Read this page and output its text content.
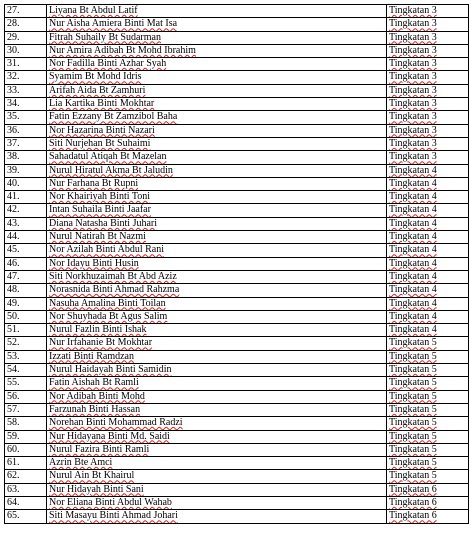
27.	Liyana Bt Abdul Latif	Tingkatan 3
28.	Nur Aisha Amiera Binti Mat Isa	Tingkatan 3
29.	Fitrah Suhaily Bt Sudarman	Tingkatan 3
30.	Nur Amira Adibah Bt Mohd Ibrahim	Tingkatan 3
31.	Nor Fadilla Binti Azhar Syah	Tingkatan 3
32.	Syamim Bt Mohd Idris	Tingkatan 3
33.	Arifah Aida Bt Zamhuri	Tingkatan 3
34.	Lia Kartika Binti Mokhtar	Tingkatan 3
35.	Fatin Ezzany Bt Zamzibol Baha	Tingkatan 3
36.	Nor Hazarina Binti Nazari	Tingkatan 3
37.	Siti Nurjehan Bt Suhaimi	Tingkatan 3
38.	Sahadatul Atiqah Bt Mazelan	Tingkatan 3
39.	Nurul Hiratul Akma Bt Jaludin	Tingkatan 4
40.	Nur Farhana Bt Rupni	Tingkatan 4
41.	Nor Khairiyah Binti Toni	Tingkatan 4
42.	Intan Suhaila Binti Jaafar	Tingkatan 4
43.	Diana Natasha Binti Juhari	Tingkatan 4
44.	Nurul Natirah Bt Nazmi	Tingkatan 4
45.	Nor Azilah Binti Abdul Rani	Tingkatan 4
46.	Nor Idayu Binti Husin	Tingkatan 4
47.	Siti Norkhuzaimah Bt Abd Aziz	Tingkatan 4
48.	Norasnida Binti Ahmad Rahzma	Tingkatan 4
49.	Nasuha Amalina Binti Toilan	Tingkatan 4
50.	Nor Shuyhada Bt Agus Salim	Tingkatan 4
51.	Nurul Fazlin Binti Ishak	Tingkatan 4
52.	Nur Irfahanie Bt Mokhtar	Tingkatan 5
53.	Izzati Binti Ramdzan	Tingkatan 5
54.	Nurul Haidayah Binti Samidin	Tingkatan 5
55.	Fatin Aishah Bt Ramli	Tingkatan 5
56.	Nor Adibah Binti Mohd	Tingkatan 5
57.	Farzunah Binti Hassan	Tingkatan 5
58.	Norehan Binti Mohammad Radzi	Tingkatan 5
59.	Nur Hidayana Binti Md. Saidi	Tingkatan 5
60.	Nurul Fazira Binti Ramli	Tingkatan 5
61.	Azrin Bte Amci	Tingkatan 5
62.	Nurul Ain Bt Khairul	Tingkatan 5
63.	Nur Hidayah Binti Sani	Tingkatan 6
64.	Nor Eliana Binti Abdul Wahab	Tingkatan 6
65.	Siti Masayu Binti Ahmad Johari	Tingkatan 6
